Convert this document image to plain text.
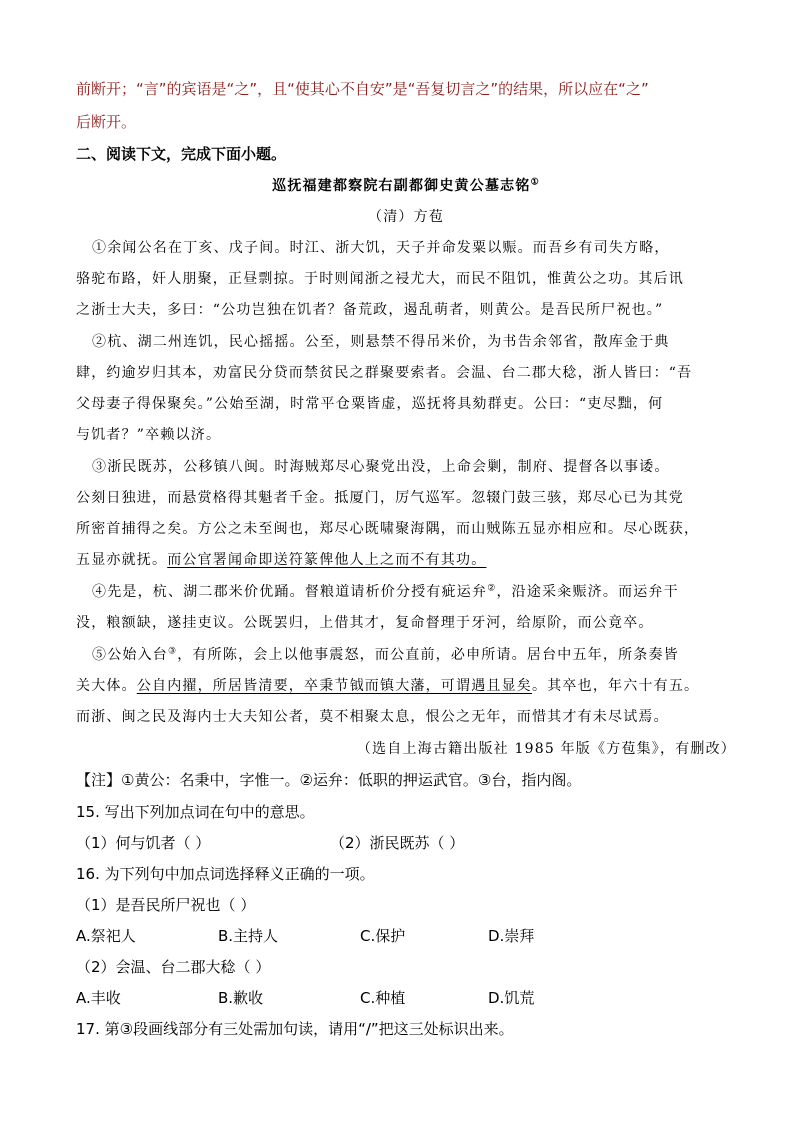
前断开；“言”的宾语是“之”，且“使其心不自安”是“吾复切言之”的结果，所以应在“之”
后断开。
二、阅读下文，完成下面小题。
巡抚福建都察院右副都御史黄公墓志铭①
（清）方苞
①余闻公名在丁亥、戊子间。时江、浙大饥，天子并命发粟以赈。而吾乡有司失方略，
骆驼布路，奸人朋聚，正昼剽掠。于时则闻浙之祲尤大，而民不阻饥，惟黄公之功。其后讯
之浙士大夫，多曰：“公功岂独在饥者？备荒政，遏乱萌者，则黄公。是吾民所尸祝也。”
②杭、湖二州连饥，民心摇摇。公至，则悬禁不得吊米价，为书告余邻省，散库金于典
肆，约逾岁归其本，劝富民分贷而禁贫民之群聚要索者。会温、台二郡大稔，浙人皆曰：“吾
父母妻子得保聚矣。”公始至湖，时常平仓粟皆虚，巡抚将具劾群吏。公曰：“吏尽黜，何
与饥者？”卒赖以济。
③浙民既苏，公移镇八闽。时海贼郑尽心聚党出没，上命会剿，制府、提督各以事诿。
公刻日独进，而悬赏格得其魁者千金。抵厦门，厉气巡军。忽辍门鼓三骇，郑尽心已为其党
所密首捕得之矣。方公之未至闽也，郑尽心既啸聚海隅，而山贼陈五显亦相应和。尽心既获，
五显亦就抚。而公官署闻命即送符篆俾他人上之而不有其功。
④先是，杭、湖二郡米价优踊。督粮道请析价分授有疵运弁②，沿途采籴赈济。而运弁干
没，粮额缺，遂挂吏议。公既罢归，上借其才，复命督理于牙河，给原阶，而公竟卒。
⑤公始入台③，有所陈，会上以他事震怒，而公直前，必申所请。居台中五年，所条奏皆
关大体。公自内擢，所居皆清要，卒秉节钺而镇大藩，可谓遇且显矣。其卒也，年六十有五。
而浙、闽之民及海内士大夫知公者，莫不相聚太息，恨公之无年，而惜其才有未尽试焉。
（选自上海古籍出版社 1985 年版《方苞集》，有删改）
【注】①黄公：名秉中，字惟一。②运弁：低职的押运武官。③台，指内阁。
15. 写出下列加点词在句中的意思。
（1）何与饥者（ ）	（2）浙民既苏（ ）
16. 为下列句中加点词选择释义正确的一项。
（1）是吾民所尸祝也（ ）
A.祭祀人	B.主持人	C.保护	D.崇拜
（2）会温、台二郡大稔（ ）
A.丰收	B.歉收	C.种植	D.饥荒
17. 第③段画线部分有三处需加句读，请用“/”把这三处标识出来。
